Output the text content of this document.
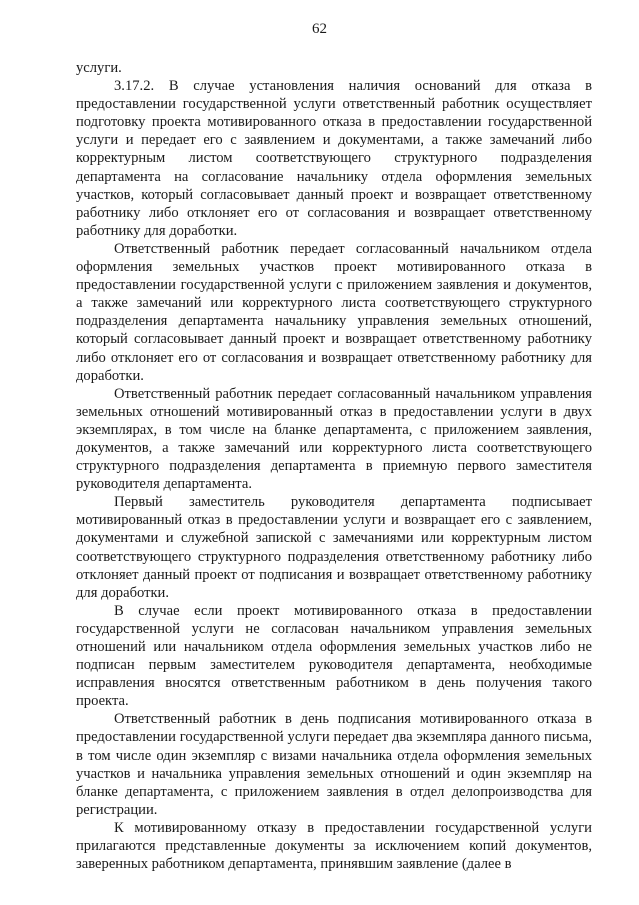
62

услуги.

3.17.2. В случае установления наличия оснований для отказа в предоставлении государственной услуги ответственный работник осуществляет подготовку проекта мотивированного отказа в предоставлении государственной услуги и передает его с заявлением и документами, а также замечаний либо корректурным листом соответствующего структурного подразделения департамента на согласование начальнику отдела оформления земельных участков, который согласовывает данный проект и возвращает ответственному работнику либо отклоняет его от согласования и возвращает ответственному работнику для доработки.

Ответственный работник передает согласованный начальником отдела оформления земельных участков проект мотивированного отказа в предоставлении государственной услуги с приложением заявления и документов, а также замечаний или корректурного листа соответствующего структурного подразделения департамента начальнику управления земельных отношений, который согласовывает данный проект и возвращает ответственному работнику либо отклоняет его от согласования и возвращает ответственному работнику для доработки.

Ответственный работник передает согласованный начальником управления земельных отношений мотивированный отказ в предоставлении услуги в двух экземплярах, в том числе на бланке департамента, с приложением заявления, документов, а также замечаний или корректурного листа соответствующего структурного подразделения департамента в приемную первого заместителя руководителя департамента.

Первый заместитель руководителя департамента подписывает мотивированный отказ в предоставлении услуги и возвращает его с заявлением, документами и служебной запиской с замечаниями или корректурным листом соответствующего структурного подразделения ответственному работнику либо отклоняет данный проект от подписания и возвращает ответственному работнику для доработки.

В случае если проект мотивированного отказа в предоставлении государственной услуги не согласован начальником управления земельных отношений или начальником отдела оформления земельных участков либо не подписан первым заместителем руководителя департамента, необходимые исправления вносятся ответственным работником в день получения такого проекта.

Ответственный работник в день подписания мотивированного отказа в предоставлении государственной услуги передает два экземпляра данного письма, в том числе один экземпляр с визами начальника отдела оформления земельных участков и начальника управления земельных отношений и один экземпляр на бланке департамента, с приложением заявления в отдел делопроизводства для регистрации.

К мотивированному отказу в предоставлении государственной услуги прилагаются представленные документы за исключением копий документов, заверенных работником департамента, принявшим заявление (далее в
